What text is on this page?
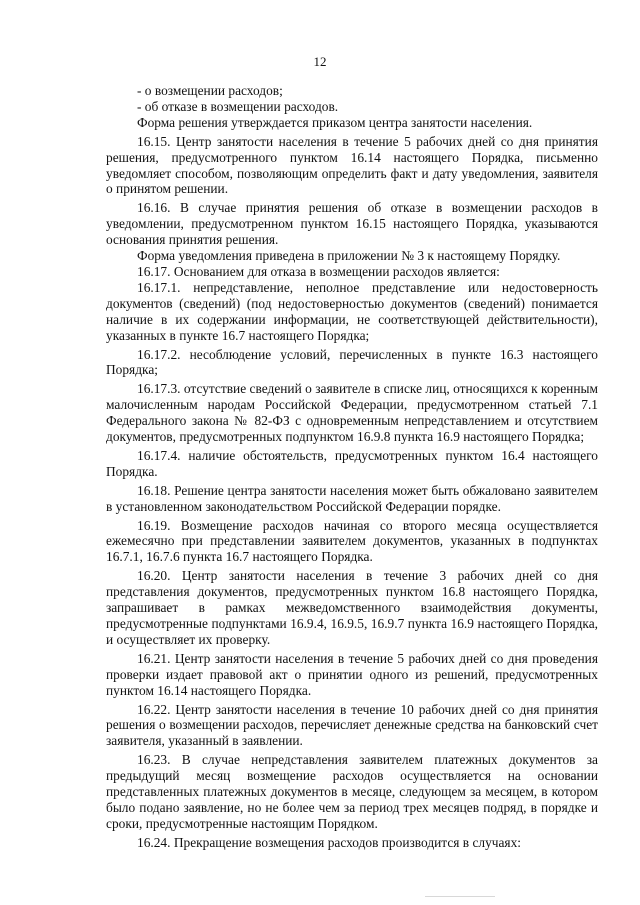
12

- о возмещении расходов;

- об отказе в возмещении расходов.

Форма решения утверждается приказом центра занятости населения.

16.15. Центр занятости населения в течение 5 рабочих дней со дня принятия решения, предусмотренного пунктом 16.14 настоящего Порядка, письменно уведомляет способом, позволяющим определить факт и дату уведомления, заявителя о принятом решении.

16.16. В случае принятия решения об отказе в возмещении расходов в уведомлении, предусмотренном пунктом 16.15 настоящего Порядка, указываются основания принятия решения.

Форма уведомления приведена в приложении № 3 к настоящему Порядку.

16.17. Основанием для отказа в возмещении расходов является:

16.17.1. непредставление, неполное представление или недостоверность документов (сведений) (под недостоверностью документов (сведений) понимается наличие в их содержании информации, не соответствующей действительности), указанных в пункте 16.7 настоящего Порядка;

16.17.2. несоблюдение условий, перечисленных в пункте 16.3 настоящего Порядка;

16.17.3. отсутствие сведений о заявителе в списке лиц, относящихся к коренным малочисленным народам Российской Федерации, предусмотренном статьей 7.1 Федерального закона № 82-ФЗ с одновременным непредставлением и отсутствием документов, предусмотренных подпунктом 16.9.8 пункта 16.9 настоящего Порядка;

16.17.4. наличие обстоятельств, предусмотренных пунктом 16.4 настоящего Порядка.

16.18. Решение центра занятости населения может быть обжаловано заявителем в установленном законодательством Российской Федерации порядке.

16.19. Возмещение расходов начиная со второго месяца осуществляется ежемесячно при представлении заявителем документов, указанных в подпунктах 16.7.1, 16.7.6 пункта 16.7 настоящего Порядка.

16.20. Центр занятости населения в течение 3 рабочих дней со дня представления документов, предусмотренных пунктом 16.8 настоящего Порядка, запрашивает в рамках межведомственного взаимодействия документы, предусмотренные подпунктами 16.9.4, 16.9.5, 16.9.7 пункта 16.9 настоящего Порядка, и осуществляет их проверку.

16.21. Центр занятости населения в течение 5 рабочих дней со дня проведения проверки издает правовой акт о принятии одного из решений, предусмотренных пунктом 16.14 настоящего Порядка.

16.22. Центр занятости населения в течение 10 рабочих дней со дня принятия решения о возмещении расходов, перечисляет денежные средства на банковский счет заявителя, указанный в заявлении.

16.23. В случае непредставления заявителем платежных документов за предыдущий месяц возмещение расходов осуществляется на основании представленных платежных документов в месяце, следующем за месяцем, в котором было подано заявление, но не более чем за период трех месяцев подряд, в порядке и сроки, предусмотренные настоящим Порядком.

16.24. Прекращение возмещения расходов производится в случаях:
